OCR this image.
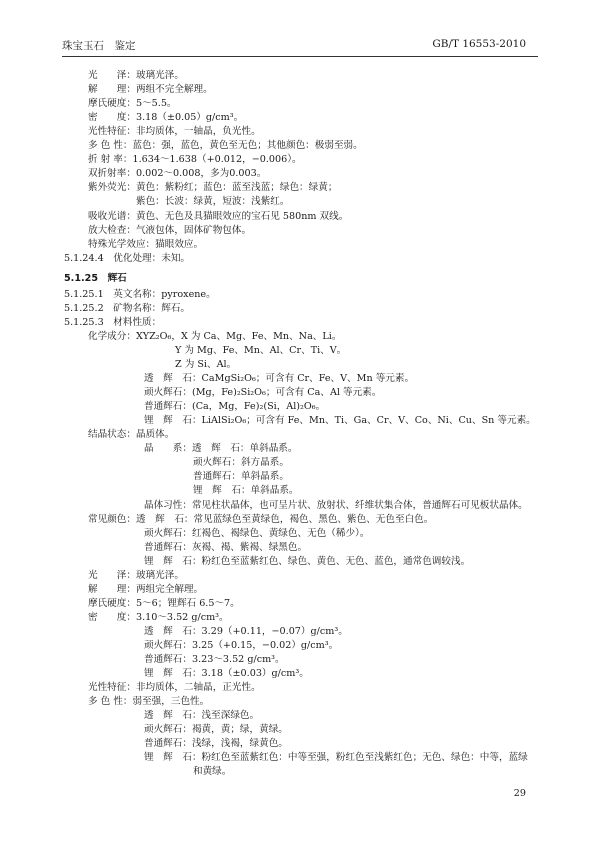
珠宝玉石　鉴定	GB/T 16553-2010
光　　泽：玻璃光泽。
解　　理：两组不完全解理。
摩氏硬度：5～5.5。
密　　度：3.18（±0.05）g/cm³。
光性特征：非均质体，一轴晶，负光性。
多 色 性：蓝色：强，蓝色，黄色至无色；其他颜色：极弱至弱。
折 射 率：1.634～1.638（+0.012，−0.006）。
双折射率：0.002～0.008，多为0.003。
紫外荧光：黄色：紫粉红；蓝色：蓝至浅蓝；绿色：绿黄；
紫色：长波：绿黄，短波：浅紫红。
吸收光谱：黄色、无色及具猫眼效应的宝石见 580nm 双线。
放大检查：气液包体，固体矿物包体。
特殊光学效应：猫眼效应。
5.1.24.4　优化处理：未知。
5.1.25　辉石
5.1.25.1　英文名称：pyroxene。
5.1.25.2　矿物名称：辉石。
5.1.25.3　材料性质：
化学成分：XYZ₂O₆，X 为 Ca、Mg、Fe、Mn、Na、Li。
Y 为 Mg、Fe、Mn、Al、Cr、Ti、V。
Z 为 Si、Al。
透　辉　石：CaMgSi₂O₆；可含有 Cr、Fe、V、Mn 等元素。
顽火辉石：(Mg，Fe)₂Si₂O₆；可含有 Ca、Al 等元素。
普通辉石：(Ca，Mg，Fe)₂(Si，Al)₂O₆。
锂　辉　石：LiAlSi₂O₆；可含有 Fe、Mn、Ti、Ga、Cr、V、Co、Ni、Cu、Sn 等元素。
结晶状态：晶质体。
晶　　系：透　辉　石：单斜晶系。
顽火辉石：斜方晶系。
普通辉石：单斜晶系。
锂　辉　石：单斜晶系。
晶体习性：常见柱状晶体，也可呈片状、放射状、纤维状集合体，普通辉石可见板状晶体。
常见颜色：透　辉　石：常见蓝绿色至黄绿色，褐色、黑色、紫色、无色至白色。
顽火辉石：红褐色、褐绿色、黄绿色、无色（稀少）。
普通辉石：灰褐、褐、紫褐、绿黑色。
锂　辉　石：粉红色至蓝紫红色、绿色、黄色、无色、蓝色，通常色调较浅。
光　　泽：玻璃光泽。
解　　理：两组完全解理。
摩氏硬度：5～6；锂辉石 6.5～7。
密　　度：3.10～3.52 g/cm³。
透　辉　石：3.29（+0.11，−0.07）g/cm³。
顽火辉石：3.25（+0.15，−0.02）g/cm³。
普通辉石：3.23～3.52 g/cm³。
锂　辉　石：3.18（±0.03）g/cm³。
光性特征：非均质体，二轴晶，正光性。
多 色 性：弱至强，三色性。
透　辉　石：浅至深绿色。
顽火辉石：褐黄，黄；绿，黄绿。
普通辉石：浅绿，浅褐，绿黄色。
锂　辉　石：粉红色至蓝紫红色：中等至强，粉红色至浅紫红色；无色、绿色：中等，蓝绿
和黄绿。
29
